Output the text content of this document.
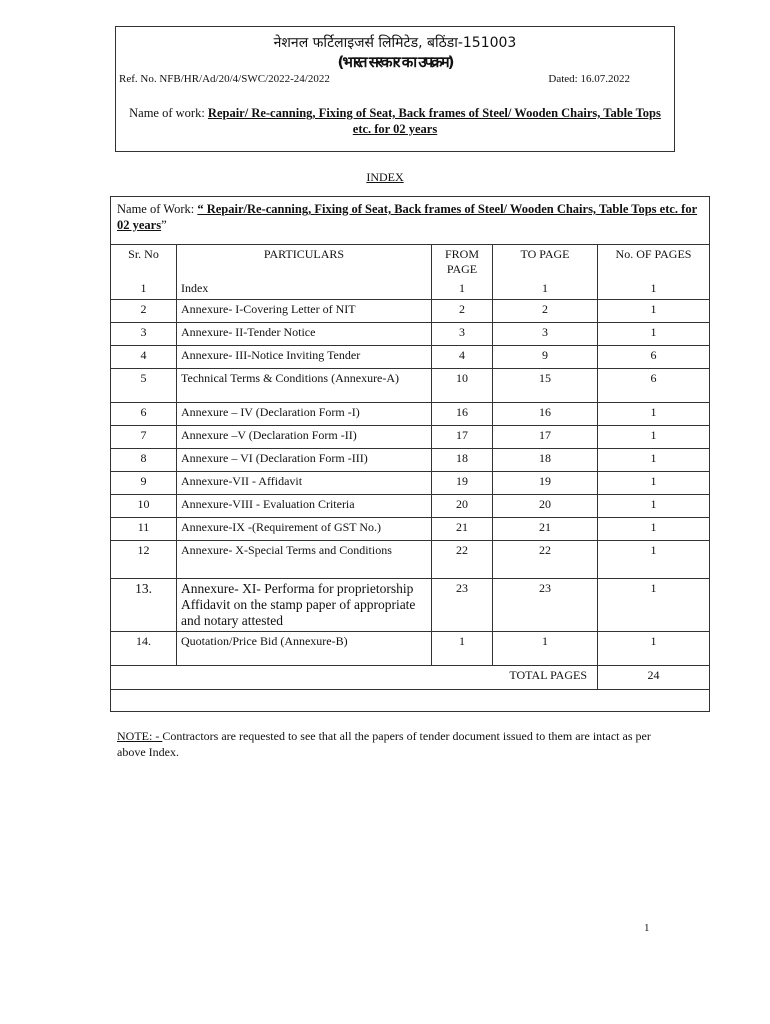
नेशनल फर्टिलाइजर्स लिमिटेड, बठिंडा-151003
(भारत सरकार का उपक्रम)
Ref. No. NFB/HR/Ad/20/4/SWC/2022-24/2022	Dated: 16.07.2022
Name of work: Repair/ Re-canning, Fixing of Seat, Back frames of Steel/ Wooden Chairs, Table Tops etc. for 02 years
INDEX
Name of Work: “ Repair/Re-canning, Fixing of Seat, Back frames of Steel/ Wooden Chairs, Table Tops etc. for 02 years”
Sr. No	PARTICULARS	FROM PAGE	TO PAGE	No. OF PAGES
1	Index	1	1	1
2	Annexure- I-Covering Letter of NIT	2	2	1
3	Annexure- II-Tender Notice	3	3	1
4	Annexure- III-Notice Inviting Tender	4	9	6
5	Technical Terms & Conditions (Annexure-A)	10	15	6
6	Annexure – IV (Declaration Form -I)	16	16	1
7	Annexure –V (Declaration Form -II)	17	17	1
8	Annexure – VI (Declaration Form -III)	18	18	1
9	Annexure-VII - Affidavit	19	19	1
10	Annexure-VIII - Evaluation Criteria	20	20	1
11	Annexure-IX -(Requirement of GST No.)	21	21	1
12	Annexure- X-Special Terms and Conditions	22	22	1
13.	Annexure- XI- Performa for proprietorship Affidavit on the stamp paper of appropriate and notary attested	23	23	1
14.	Quotation/Price Bid (Annexure-B)	1	1	1
TOTAL PAGES				24
NOTE: - Contractors are requested to see that all the papers of tender document issued to them are intact as per above Index.
1
